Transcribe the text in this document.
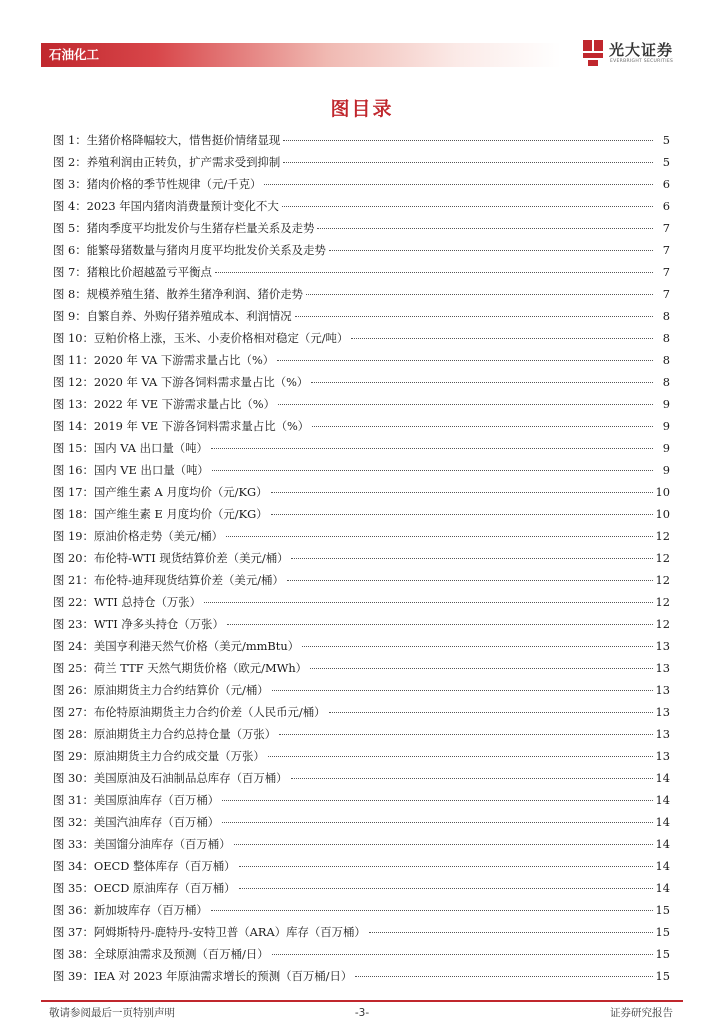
石油化工	光大证券
EVERBRIGHT SECURITIES
图目录
图 1：生猪价格降幅较大，惜售挺价情绪显现	5
图 2：养殖利润由正转负，扩产需求受到抑制	5
图 3：猪肉价格的季节性规律（元/千克）	6
图 4：2023 年国内猪肉消费量预计变化不大	6
图 5：猪肉季度平均批发价与生猪存栏量关系及走势	7
图 6：能繁母猪数量与猪肉月度平均批发价关系及走势	7
图 7：猪粮比价超越盈亏平衡点	7
图 8：规模养殖生猪、散养生猪净利润、猪价走势	7
图 9：自繁自养、外购仔猪养殖成本、利润情况	8
图 10：豆粕价格上涨，玉米、小麦价格相对稳定（元/吨）	8
图 11：2020 年 VA 下游需求量占比（%）	8
图 12：2020 年 VA 下游各饲料需求量占比（%）	8
图 13：2022 年 VE 下游需求量占比（%）	9
图 14：2019 年 VE 下游各饲料需求量占比（%）	9
图 15：国内 VA 出口量（吨）	9
图 16：国内 VE 出口量（吨）	9
图 17：国产维生素 A 月度均价（元/KG）	10
图 18：国产维生素 E 月度均价（元/KG）	10
图 19：原油价格走势（美元/桶）	12
图 20：布伦特-WTI 现货结算价差（美元/桶）	12
图 21：布伦特-迪拜现货结算价差（美元/桶）	12
图 22：WTI 总持仓（万张）	12
图 23：WTI 净多头持仓（万张）	12
图 24：美国亨利港天然气价格（美元/mmBtu）	13
图 25：荷兰 TTF 天然气期货价格（欧元/MWh）	13
图 26：原油期货主力合约结算价（元/桶）	13
图 27：布伦特原油期货主力合约价差（人民币元/桶）	13
图 28：原油期货主力合约总持仓量（万张）	13
图 29：原油期货主力合约成交量（万张）	13
图 30：美国原油及石油制品总库存（百万桶）	14
图 31：美国原油库存（百万桶）	14
图 32：美国汽油库存（百万桶）	14
图 33：美国馏分油库存（百万桶）	14
图 34：OECD 整体库存（百万桶）	14
图 35：OECD 原油库存（百万桶）	14
图 36：新加坡库存（百万桶）	15
图 37：阿姆斯特丹-鹿特丹-安特卫普（ARA）库存（百万桶）	15
图 38：全球原油需求及预测（百万桶/日）	15
图 39：IEA 对 2023 年原油需求增长的预测（百万桶/日）	15
敬请参阅最后一页特别声明	-3-	证券研究报告
